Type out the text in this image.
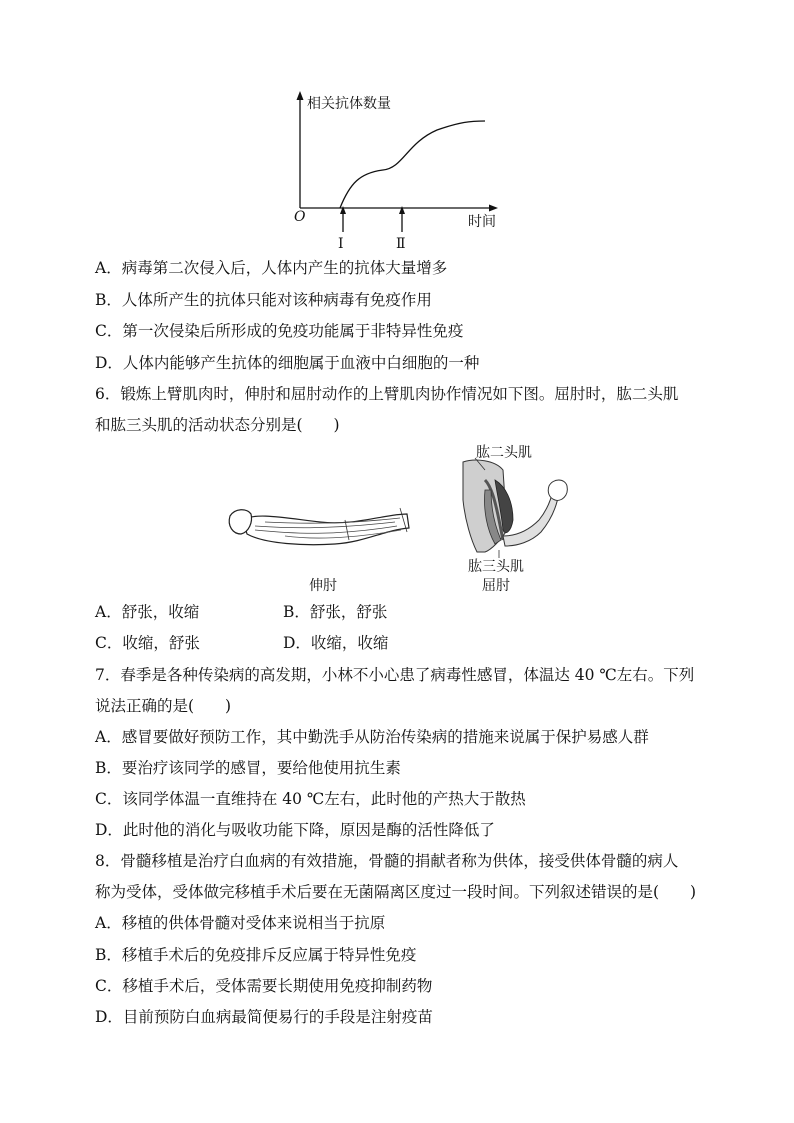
相关抗体数量
时间
O
Ⅰ	Ⅱ
A．病毒第二次侵入后，人体内产生的抗体大量增多
B．人体所产生的抗体只能对该种病毒有免疫作用
C．第一次侵染后所形成的免疫功能属于非特异性免疫
D．人体内能够产生抗体的细胞属于血液中白细胞的一种
6．锻炼上臂肌肉时，伸肘和屈肘动作的上臂肌肉协作情况如下图。屈肘时，肱二头肌
和肱三头肌的活动状态分别是(　　)
伸肘
肱二头肌
肱三头肌
屈肘
A．舒张，收缩	B．舒张，舒张
C．收缩，舒张	D．收缩，收缩
7．春季是各种传染病的高发期，小林不小心患了病毒性感冒，体温达 40 ℃左右。下列
说法正确的是(　　)
A．感冒要做好预防工作，其中勤洗手从防治传染病的措施来说属于保护易感人群
B．要治疗该同学的感冒，要给他使用抗生素
C．该同学体温一直维持在 40 ℃左右，此时他的产热大于散热
D．此时他的消化与吸收功能下降，原因是酶的活性降低了
8．骨髓移植是治疗白血病的有效措施，骨髓的捐献者称为供体，接受供体骨髓的病人
称为受体，受体做完移植手术后要在无菌隔离区度过一段时间。下列叙述错误的是(　　)
A．移植的供体骨髓对受体来说相当于抗原
B．移植手术后的免疫排斥反应属于特异性免疫
C．移植手术后，受体需要长期使用免疫抑制药物
D．目前预防白血病最简便易行的手段是注射疫苗
